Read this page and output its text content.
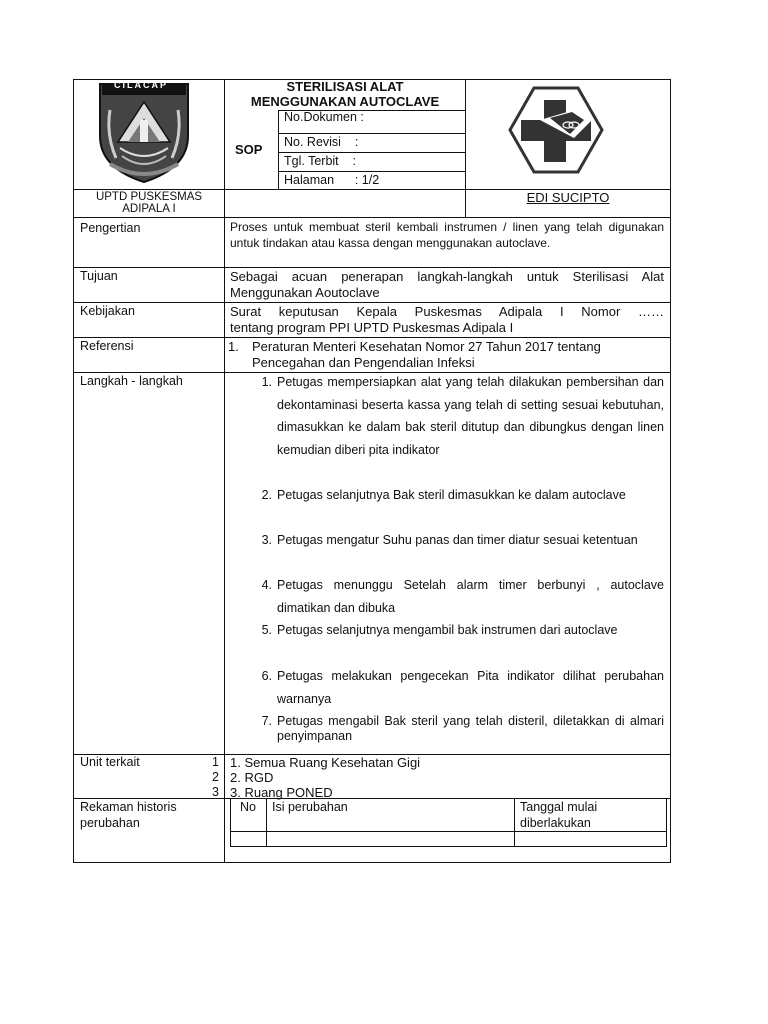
CILACAP	STERILISASI ALAT
MENGGUNAKAN AUTOCLAVE
SOP
No.Dokumen :
No. Revisi    :
Tgl. Terbit    :
Halaman      : 1/2
UPTD PUSKESMAS
ADIPALA I
EDI SUCIPTO
Pengertian	Proses untuk membuat steril kembali instrumen / linen yang telah digunakan untuk tindakan atau kassa dengan menggunakan autoclave.
Tujuan	Sebagai acuan penerapan langkah-langkah untuk Sterilisasi Alat Menggunakan Aoutoclave
Kebijakan	Surat keputusan Kepala Puskesmas Adipala I Nomor ……
tentang program PPI UPTD Puskesmas Adipala I
Referensi	1. Peraturan Menteri Kesehatan Nomor 27 Tahun 2017 tentang
Pencegahan dan Pengendalian Infeksi
Langkah - langkah	1. Petugas mempersiapkan alat yang telah dilakukan pembersihan dan dekontaminasi beserta kassa yang telah di setting sesuai kebutuhan, dimasukkan ke dalam bak steril ditutup dan dibungkus dengan linen kemudian diberi pita indikator
2. Petugas selanjutnya Bak steril dimasukkan ke dalam autoclave
3. Petugas mengatur Suhu panas dan timer diatur sesuai ketentuan
4. Petugas menunggu Setelah alarm timer berbunyi , autoclave dimatikan dan dibuka
5. Petugas selanjutnya mengambil bak instrumen dari autoclave
6. Petugas melakukan pengecekan Pita indikator dilihat perubahan warnanya
7. Petugas mengabil Bak steril yang telah disteril, diletakkan di almari penyimpanan
Unit terkait	1
2
3
1. Semua Ruang Kesehatan Gigi
2. RGD
3. Ruang PONED
Rekaman historis
perubahan
No Isi perubahan	Tanggal mulai
diberlakukan
